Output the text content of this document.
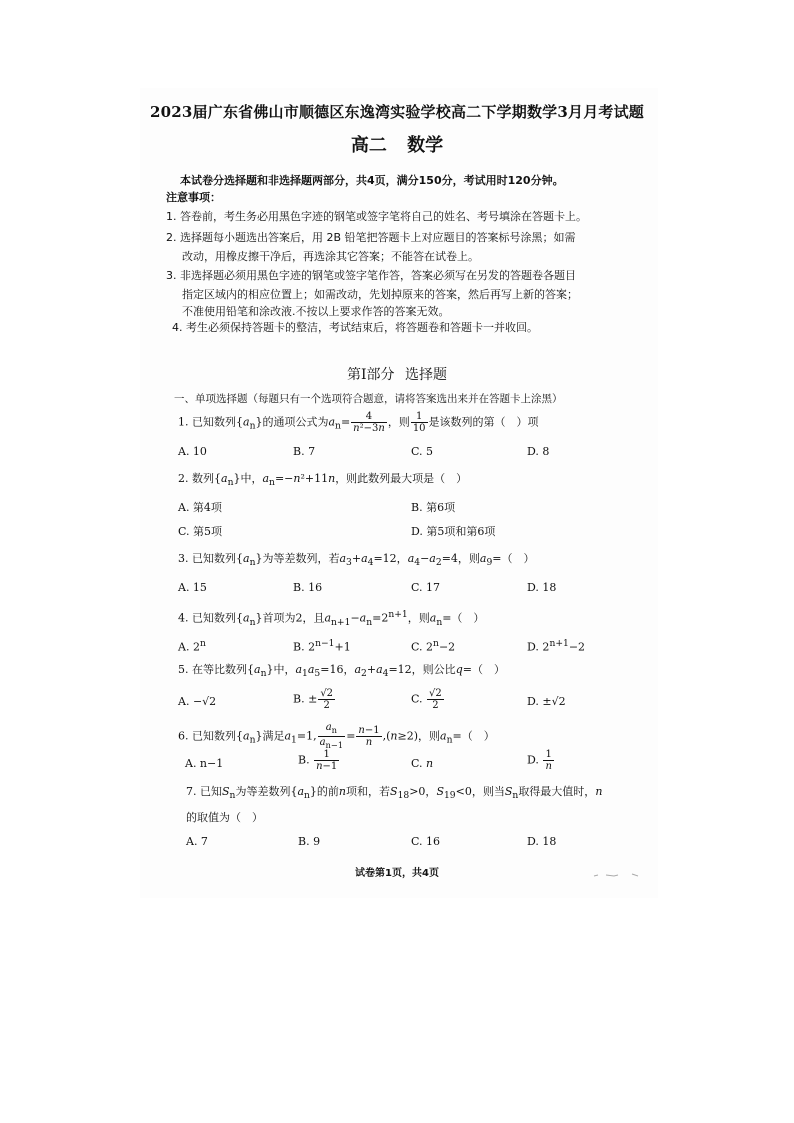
2023届广东省佛山市顺德区东逸湾实验学校高二下学期数学3月月考试题
高二 数学
本试卷分选择题和非选择题两部分，共4页，满分150分，考试用时120分钟。
注意事项：
1. 答卷前，考生务必用黑色字迹的钢笔或签字笔将自己的姓名、考号填涂在答题卡上。
2. 选择题每小题选出答案后，用 2B 铅笔把答题卡上对应题目的答案标号涂黑；如需
改动，用橡皮擦干净后，再选涂其它答案；不能答在试卷上。
3. 非选择题必须用黑色字迹的钢笔或签字笔作答，答案必须写在另发的答题卷各题目
指定区域内的相应位置上；如需改动，先划掉原来的答案，然后再写上新的答案；
不准使用铅笔和涂改液.不按以上要求作答的答案无效。
4. 考生必须保持答题卡的整洁，考试结束后，将答题卷和答题卡一并收回。
第Ⅰ部分 选择题
一、单项选择题（每题只有一个选项符合题意，请将答案选出来并在答题卡上涂黑）
1. 已知数列$\{a_n\}$的通项公式为$a_n= \frac{4}{\text{n²−3n}}$ ，则 $\frac{1}{10}$ 是该数列的第（　）项
A. 10	B. 7	C. 5	D. 8
2. 数列$\{a_n\}$中，$a_n=-n^2+11n$，则此数列最大项是（　）
A. 第4项	B. 第6项
C. 第5项	D. 第5项和第6项
3. 已知数列$\{a_n\}$为等差数列，若$a_3+a_4=12$，$a_4-a_2=4$，则$a_9=$（　）
A. 15	B. 16	C. 17	D. 18
4. 已知数列$\{a_n\}$首项为2，且$a_{n+1}-a_n=2^{n+1}$，则$a_n=$（　）
A. 2$^n$	B. $2^{n-1}+1$	C. $2^n-2$	D. $2^{n+1}-2$
5. 在等比数列$\{a_n\}$中，$a_1a_5=16$，$a_2+a_4=12$，则公比q=（　）
A. −√2	B. ± $\frac{√2}{2}$	C. $\frac{√2}{2}$	D. ±√2
6. 已知数列$\{a_n\}$满足$a_1=1$, $\frac{a_n}{a_{n-1}} = \frac{n-1}{n} ,(n\ge 2)$，则$a_n=$（　）
A. n−1	B. $\frac{1}{n-1}$	C. n	D. $\frac{1}{n}$
7. 已知$S_n$为等差数列$\{a_n\}$的前n项和，若$S_{18}>0$，$S_{19}<0$，则当$S_n$取得最大值时，n
的取值为（　）
A. 7	B. 9	C. 16	D. 18
试卷第1页，共4页
